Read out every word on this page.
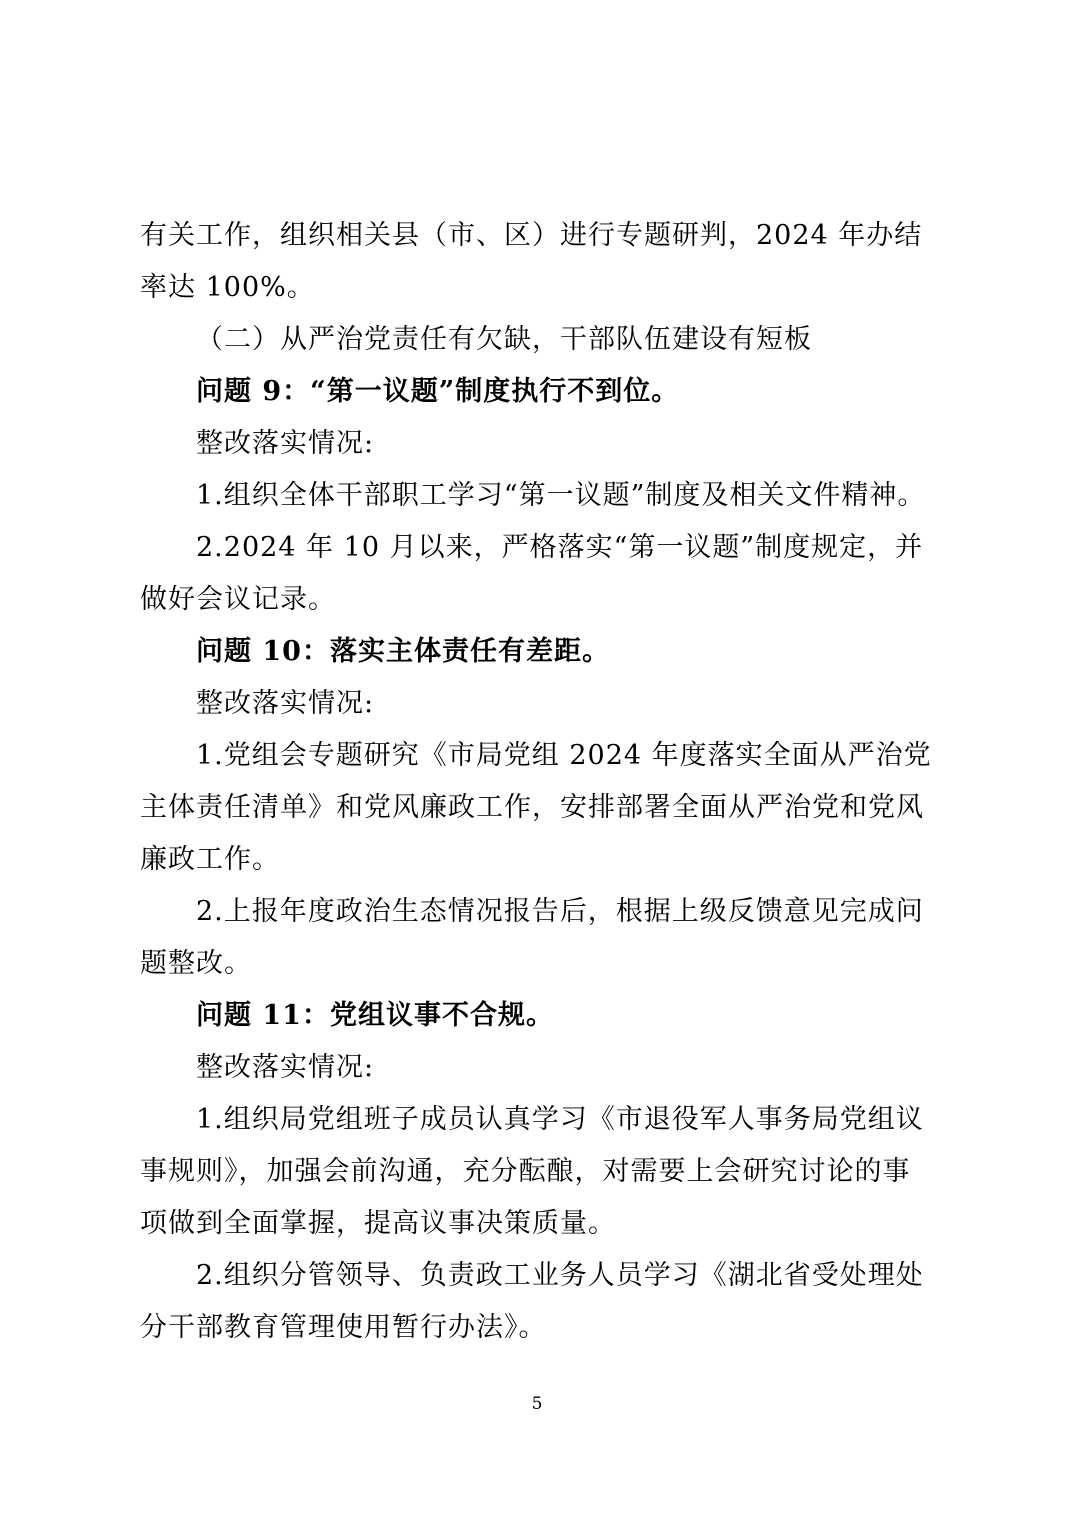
有关工作，组织相关县（市、区）进行专题研判，2024 年办结
率达 100%。
（二）从严治党责任有欠缺，干部队伍建设有短板
问题 9：“第一议题”制度执行不到位。
整改落实情况:
1.组织全体干部职工学习“第一议题”制度及相关文件精神。
2.2024 年 10 月以来，严格落实“第一议题”制度规定，并
做好会议记录。
问题 10：落实主体责任有差距。
整改落实情况:
1.党组会专题研究《市局党组 2024 年度落实全面从严治党
主体责任清单》和党风廉政工作，安排部署全面从严治党和党风
廉政工作。
2.上报年度政治生态情况报告后，根据上级反馈意见完成问
题整改。
问题 11：党组议事不合规。
整改落实情况:
1.组织局党组班子成员认真学习《市退役军人事务局党组议
事规则》，加强会前沟通，充分酝酿，对需要上会研究讨论的事
项做到全面掌握，提高议事决策质量。
2.组织分管领导、负责政工业务人员学习《湖北省受处理处
分干部教育管理使用暂行办法》。
5
